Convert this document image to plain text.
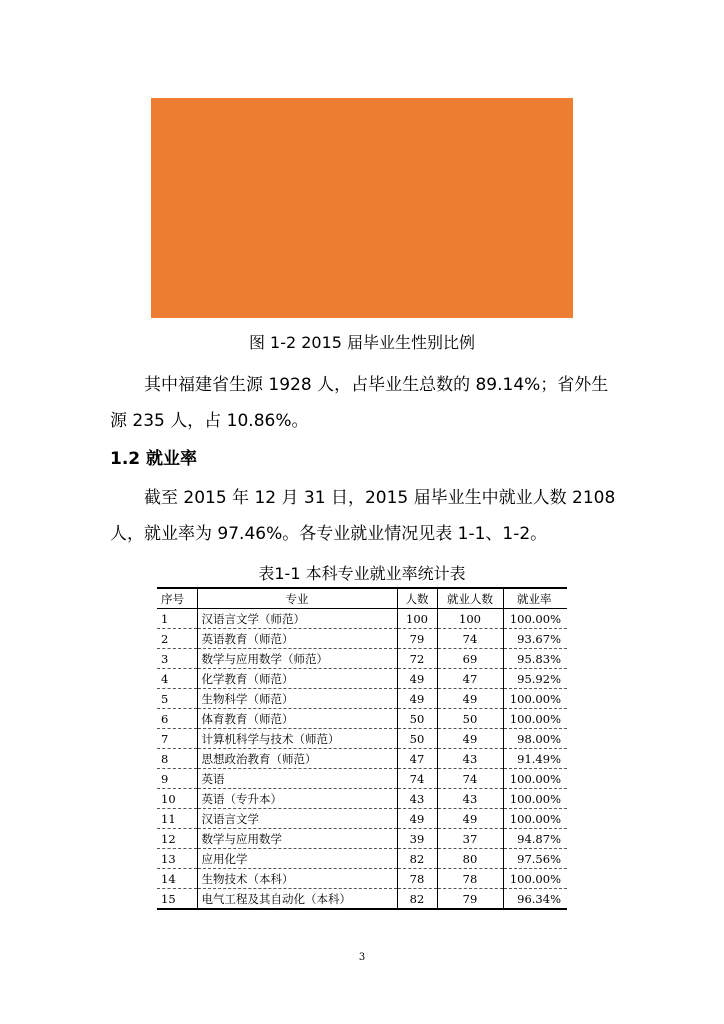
图 1-2 2015 届毕业生性别比例
其中福建省生源 1928 人，占毕业生总数的 89.14%；省外生
源 235 人，占 10.86%。
1.2 就业率
截至 2015 年 12 月 31 日，2015 届毕业生中就业人数 2108
人，就业率为 97.46%。各专业就业情况见表 1-1、1-2。
表1-1 本科专业就业率统计表
序号	专业	人数	就业人数	就业率
1	汉语言文学（师范）	100	100	100.00%
2	英语教育（师范）	79	74	93.67%
3	数学与应用数学（师范）	72	69	95.83%
4	化学教育（师范）	49	47	95.92%
5	生物科学（师范）	49	49	100.00%
6	体育教育（师范）	50	50	100.00%
7	计算机科学与技术（师范）	50	49	98.00%
8	思想政治教育（师范）	47	43	91.49%
9	英语	74	74	100.00%
10	英语（专升本）	43	43	100.00%
11	汉语言文学	49	49	100.00%
12	数学与应用数学	39	37	94.87%
13	应用化学	82	80	97.56%
14	生物技术（本科）	78	78	100.00%
15	电气工程及其自动化（本科）	82	79	96.34%
3
